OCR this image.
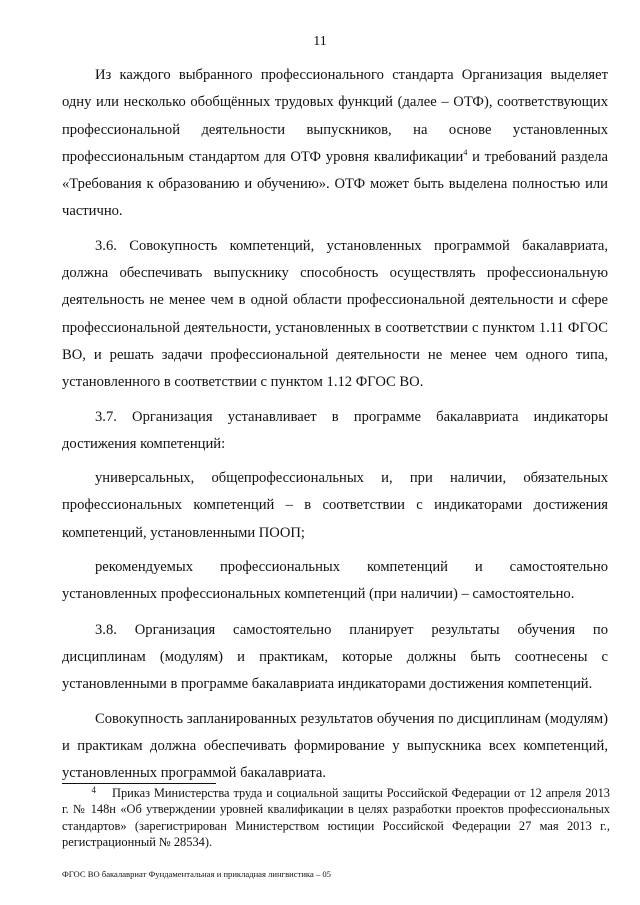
11

Из каждого выбранного профессионального стандарта Организация выделяет одну или несколько обобщённых трудовых функций (далее – ОТФ), соответствующих профессиональной деятельности выпускников, на основе установленных профессиональным стандартом для ОТФ уровня квалификации$^4$ и требований раздела «Требования к образованию и обучению». ОТФ может быть выделена полностью или частично.

3.6. Совокупность компетенций, установленных программой бакалавриата, должна обеспечивать выпускнику способность осуществлять профессиональную деятельность не менее чем в одной области профессиональной деятельности и сфере профессиональной деятельности, установленных в соответствии с пунктом 1.11 ФГОС ВО, и решать задачи профессиональной деятельности не менее чем одного типа, установленного в соответствии с пунктом 1.12 ФГОС ВО.

3.7. Организация устанавливает в программе бакалавриата индикаторы достижения компетенций:

универсальных, общепрофессиональных и, при наличии, обязательных профессиональных компетенций – в соответствии с индикаторами достижения компетенций, установленными ПООП;

рекомендуемых профессиональных компетенций и самостоятельно установленных профессиональных компетенций (при наличии) – самостоятельно.

3.8. Организация самостоятельно планирует результаты обучения по дисциплинам (модулям) и практикам, которые должны быть соотнесены с установленными в программе бакалавриата индикаторами достижения компетенций.

Совокупность запланированных результатов обучения по дисциплинам (модулям) и практикам должна обеспечивать формирование у выпускника всех компетенций, установленных программой бакалавриата.

4 Приказ Министерства труда и социальной защиты Российской Федерации от 12 апреля 2013 г. № 148н «Об утверждении уровней квалификации в целях разработки проектов профессиональных стандартов» (зарегистрирован Министерством юстиции Российской Федерации 27 мая 2013 г., регистрационный № 28534).

ФГОС ВО бакалавриат Фундаментальная и прикладная лингвистика – 05
